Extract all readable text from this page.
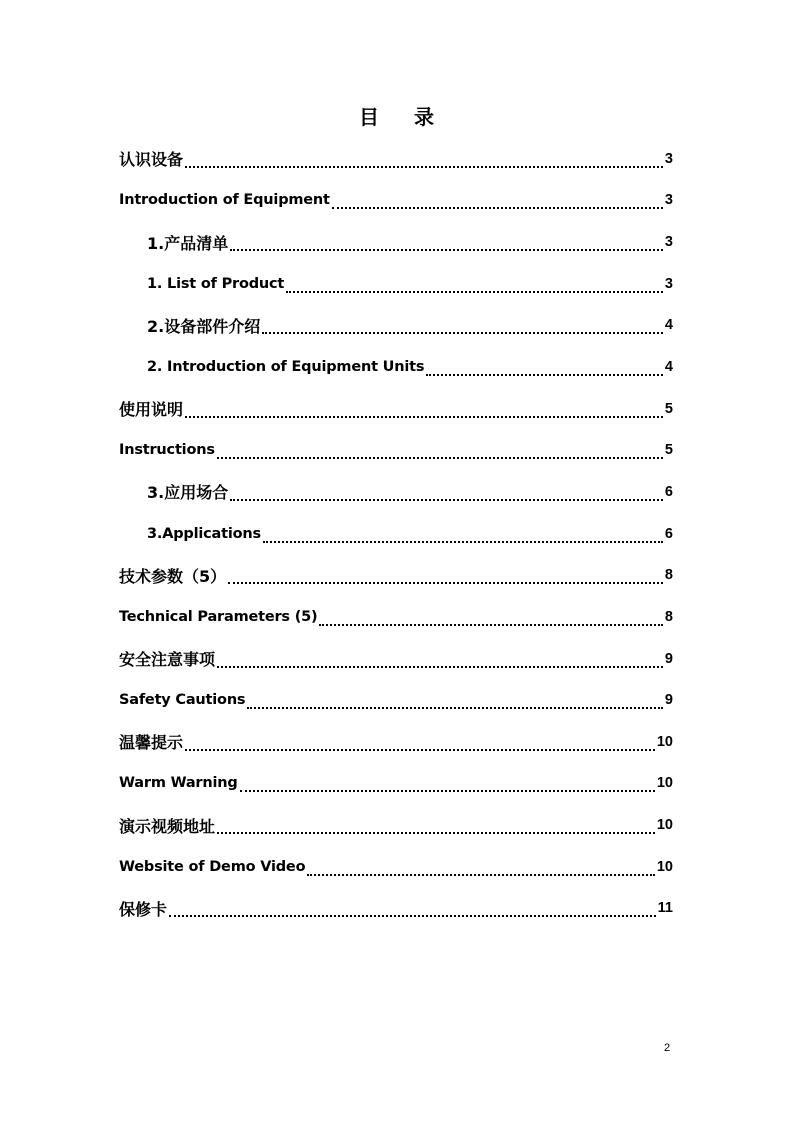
目 录
认识设备	3
Introduction of Equipment	3
1.产品清单	3
1. List of Product	3
2.设备部件介绍	4
2. Introduction of Equipment Units	4
使用说明	5
Instructions	5
3.应用场合	6
3.Applications	6
技术参数（5）	8
Technical Parameters (5)	8
安全注意事项	9
Safety Cautions	9
温馨提示	10
Warm Warning	10
演示视频地址	10
Website of Demo Video	10
保修卡	11
2
